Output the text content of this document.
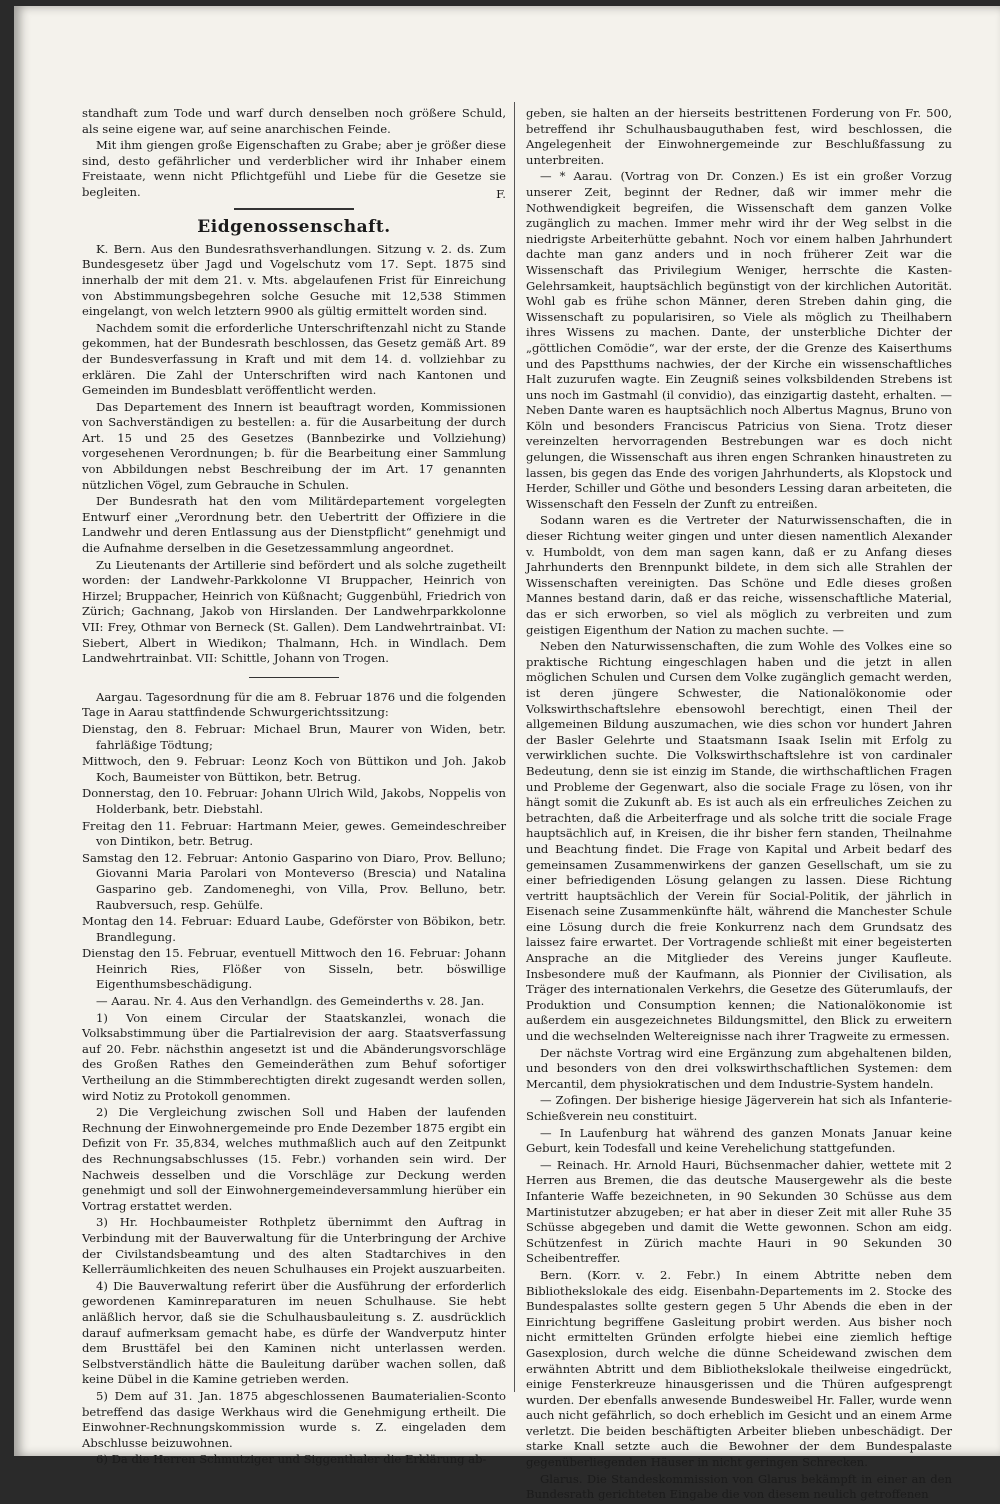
standhaft zum Tode und warf durch denselben noch größere Schuld, als seine eigene war, auf seine anarchischen Feinde.

Mit ihm giengen große Eigenschaften zu Grabe; aber je größer diese sind, desto gefährlicher und verderblicher wird ihr Inhaber einem Freistaate, wenn nicht Pflichtgefühl und Liebe für die Gesetze sie begleiten.	F.

Eidgenossenschaft.

K. Bern. Aus den Bundesrathsverhandlungen. Sitzung v. 2. ds. Zum Bundesgesetz über Jagd und Vogelschutz vom 17. Sept. 1875 sind innerhalb der mit dem 21. v. Mts. abgelaufenen Frist für Einreichung von Abstimmungsbegehren solche Gesuche mit 12,538 Stimmen eingelangt, von welch letztern 9900 als gültig ermittelt worden sind.

Nachdem somit die erforderliche Unterschriftenzahl nicht zu Stande gekommen, hat der Bundesrath beschlossen, das Gesetz gemäß Art. 89 der Bundesverfassung in Kraft und mit dem 14. d. vollziehbar zu erklären. Die Zahl der Unterschriften wird nach Kantonen und Gemeinden im Bundesblatt veröffentlicht werden.

Das Departement des Innern ist beauftragt worden, Kommissionen von Sachverständigen zu bestellen: a. für die Ausarbeitung der durch Art. 15 und 25 des Gesetzes (Bannbezirke und Vollziehung) vorgesehenen Verordnungen; b. für die Bearbeitung einer Sammlung von Abbildungen nebst Beschreibung der im Art. 17 genannten nützlichen Vögel, zum Gebrauche in Schulen.

Der Bundesrath hat den vom Militärdepartement vorgelegten Entwurf einer „Verordnung betr. den Uebertritt der Offiziere in die Landwehr und deren Entlassung aus der Dienstpflicht“ genehmigt und die Aufnahme derselben in die Gesetzessammlung angeordnet.

Zu Lieutenants der Artillerie sind befördert und als solche zugetheilt worden: der Landwehr-Parkkolonne VI Bruppacher, Heinrich von Hirzel; Bruppacher, Heinrich von Küßnacht; Guggenbühl, Friedrich von Zürich; Gachnang, Jakob von Hirslanden. Der Landwehrparkkolonne VII: Frey, Othmar von Berneck (St. Gallen). Dem Landwehrtrainbat. VI: Siebert, Albert in Wiedikon; Thalmann, Hch. in Windlach. Dem Landwehrtrainbat. VII: Schittle, Johann von Trogen.

Aargau. Tagesordnung für die am 8. Februar 1876 und die folgenden Tage in Aarau stattfindende Schwurgerichtssitzung:

Dienstag, den 8. Februar: Michael Brun, Maurer von Widen, betr. fahrläßige Tödtung;

Mittwoch, den 9. Februar: Leonz Koch von Büttikon und Joh. Jakob Koch, Baumeister von Büttikon, betr. Betrug.

Donnerstag, den 10. Februar: Johann Ulrich Wild, Jakobs, Noppelis von Holderbank, betr. Diebstahl.

Freitag den 11. Februar: Hartmann Meier, gewes. Gemeindeschreiber von Dintikon, betr. Betrug.

Samstag den 12. Februar: Antonio Gasparino von Diaro, Prov. Belluno; Giovanni Maria Parolari von Monteverso (Brescia) und Natalina Gasparino geb. Zandomeneghi, von Villa, Prov. Belluno, betr. Raubversuch, resp. Gehülfe.

Montag den 14. Februar: Eduard Laube, Gdeförster von Böbikon, betr. Brandlegung.

Dienstag den 15. Februar, eventuell Mittwoch den 16. Februar: Johann Heinrich Ries, Flößer von Sisseln, betr. böswillige Eigenthumsbeschädigung.

— Aarau. Nr. 4. Aus den Verhandlgn. des Gemeinderths v. 28. Jan.

1) Von einem Circular der Staatskanzlei, wonach die Volksabstimmung über die Partialrevision der aarg. Staatsverfassung auf 20. Febr. nächsthin angesetzt ist und die Abänderungsvorschläge des Großen Rathes den Gemeinderäthen zum Behuf sofortiger Vertheilung an die Stimmberechtigten direkt zugesandt werden sollen, wird Notiz zu Protokoll genommen.

2) Die Vergleichung zwischen Soll und Haben der laufenden Rechnung der Einwohnergemeinde pro Ende Dezember 1875 ergibt ein Defizit von Fr. 35,834, welches muthmaßlich auch auf den Zeitpunkt des Rechnungsabschlusses (15. Febr.) vorhanden sein wird. Der Nachweis desselben und die Vorschläge zur Deckung werden genehmigt und soll der Einwohnergemeindeversammlung hierüber ein Vortrag erstattet werden.

3) Hr. Hochbaumeister Rothpletz übernimmt den Auftrag in Verbindung mit der Bauverwaltung für die Unterbringung der Archive der Civilstandsbeamtung und des alten Stadtarchives in den Kellerräumlichkeiten des neuen Schulhauses ein Projekt auszuarbeiten.

4) Die Bauverwaltung referirt über die Ausführung der erforderlich gewordenen Kaminreparaturen im neuen Schulhause. Sie hebt anläßlich hervor, daß sie die Schulhausbauleitung s. Z. ausdrücklich darauf aufmerksam gemacht habe, es dürfe der Wandverputz hinter dem Brusttäfel bei den Kaminen nicht unterlassen werden. Selbstverständlich hätte die Bauleitung darüber wachen sollen, daß keine Dübel in die Kamine getrieben werden.

5) Dem auf 31. Jan. 1875 abgeschlossenen Baumaterialien-Sconto betreffend das dasige Werkhaus wird die Genehmigung ertheilt. Die Einwohner-Rechnungskommission wurde s. Z. eingeladen dem Abschlusse beizuwohnen.

6) Da die Herren Schmutziger und Siggenthaler die Erklärung ab-

geben, sie halten an der hierseits bestrittenen Forderung von Fr. 500, betreffend ihr Schulhausbauguthaben fest, wird beschlossen, die Angelegenheit der Einwohnergemeinde zur Beschlußfassung zu unterbreiten.

— * Aarau. (Vortrag von Dr. Conzen.) Es ist ein großer Vorzug unserer Zeit, beginnt der Redner, daß wir immer mehr die Nothwendigkeit begreifen, die Wissenschaft dem ganzen Volke zugänglich zu machen. Immer mehr wird ihr der Weg selbst in die niedrigste Arbeiterhütte gebahnt. Noch vor einem halben Jahrhundert dachte man ganz anders und in noch früherer Zeit war die Wissenschaft das Privilegium Weniger, herrschte die Kasten-Gelehrsamkeit, hauptsächlich begünstigt von der kirchlichen Autorität. Wohl gab es frühe schon Männer, deren Streben dahin ging, die Wissenschaft zu popularisiren, so Viele als möglich zu Theilhabern ihres Wissens zu machen. Dante, der unsterbliche Dichter der „göttlichen Comödie“, war der erste, der die Grenze des Kaiserthums und des Papstthums nachwies, der der Kirche ein wissenschaftliches Halt zuzurufen wagte. Ein Zeugniß seines volksbildenden Strebens ist uns noch im Gastmahl (il convidio), das einzigartig dasteht, erhalten. — Neben Dante waren es hauptsächlich noch Albertus Magnus, Bruno von Köln und besonders Franciscus Patricius von Siena. Trotz dieser vereinzelten hervorragenden Bestrebungen war es doch nicht gelungen, die Wissenschaft aus ihren engen Schranken hinaustreten zu lassen, bis gegen das Ende des vorigen Jahrhunderts, als Klopstock und Herder, Schiller und Göthe und besonders Lessing daran arbeiteten, die Wissenschaft den Fesseln der Zunft zu entreißen.

Sodann waren es die Vertreter der Naturwissenschaften, die in dieser Richtung weiter gingen und unter diesen namentlich Alexander v. Humboldt, von dem man sagen kann, daß er zu Anfang dieses Jahrhunderts den Brennpunkt bildete, in dem sich alle Strahlen der Wissenschaften vereinigten. Das Schöne und Edle dieses großen Mannes bestand darin, daß er das reiche, wissenschaftliche Material, das er sich erworben, so viel als möglich zu verbreiten und zum geistigen Eigenthum der Nation zu machen suchte. —

Neben den Naturwissenschaften, die zum Wohle des Volkes eine so praktische Richtung eingeschlagen haben und die jetzt in allen möglichen Schulen und Cursen dem Volke zugänglich gemacht werden, ist deren jüngere Schwester, die Nationalökonomie oder Volkswirthschaftslehre ebensowohl berechtigt, einen Theil der allgemeinen Bildung auszumachen, wie dies schon vor hundert Jahren der Basler Gelehrte und Staatsmann Isaak Iselin mit Erfolg zu verwirklichen suchte. Die Volkswirthschaftslehre ist von cardinaler Bedeutung, denn sie ist einzig im Stande, die wirthschaftlichen Fragen und Probleme der Gegenwart, also die sociale Frage zu lösen, von ihr hängt somit die Zukunft ab. Es ist auch als ein erfreuliches Zeichen zu betrachten, daß die Arbeiterfrage und als solche tritt die sociale Frage hauptsächlich auf, in Kreisen, die ihr bisher fern standen, Theilnahme und Beachtung findet. Die Frage von Kapital und Arbeit bedarf des gemeinsamen Zusammenwirkens der ganzen Gesellschaft, um sie zu einer befriedigenden Lösung gelangen zu lassen. Diese Richtung vertritt hauptsächlich der Verein für Social-Politik, der jährlich in Eisenach seine Zusammenkünfte hält, während die Manchester Schule eine Lösung durch die freie Konkurrenz nach dem Grundsatz des laissez faire erwartet. Der Vortragende schließt mit einer begeisterten Ansprache an die Mitglieder des Vereins junger Kaufleute. Insbesondere muß der Kaufmann, als Pionnier der Civilisation, als Träger des internationalen Verkehrs, die Gesetze des Güterumlaufs, der Produktion und Consumption kennen; die Nationalökonomie ist außerdem ein ausgezeichnetes Bildungsmittel, den Blick zu erweitern und die wechselnden Weltereignisse nach ihrer Tragweite zu ermessen.

Der nächste Vortrag wird eine Ergänzung zum abgehaltenen bilden, und besonders von den drei volkswirthschaftlichen Systemen: dem Mercantil, dem physiokratischen und dem Industrie-System handeln.

— Zofingen. Der bisherige hiesige Jägerverein hat sich als Infanterie-Schießverein neu constituirt.

— In Laufenburg hat während des ganzen Monats Januar keine Geburt, kein Todesfall und keine Verehelichung stattgefunden.

— Reinach. Hr. Arnold Hauri, Büchsenmacher dahier, wettete mit 2 Herren aus Bremen, die das deutsche Mausergewehr als die beste Infanterie Waffe bezeichneten, in 90 Sekunden 30 Schüsse aus dem Martinistutzer abzugeben; er hat aber in dieser Zeit mit aller Ruhe 35 Schüsse abgegeben und damit die Wette gewonnen. Schon am eidg. Schützenfest in Zürich machte Hauri in 90 Sekunden 30 Scheibentreffer.

Bern. (Korr. v. 2. Febr.) In einem Abtritte neben dem Bibliothekslokale des eidg. Eisenbahn-Departements im 2. Stocke des Bundespalastes sollte gestern gegen 5 Uhr Abends die eben in der Einrichtung begriffene Gasleitung probirt werden. Aus bisher noch nicht ermittelten Gründen erfolgte hiebei eine ziemlich heftige Gasexplosion, durch welche die dünne Scheidewand zwischen dem erwähnten Abtritt und dem Bibliothekslokale theilweise eingedrückt, einige Fensterkreuze hinausgerissen und die Thüren aufgesprengt wurden. Der ebenfalls anwesende Bundesweibel Hr. Faller, wurde wenn auch nicht gefährlich, so doch erheblich im Gesicht und an einem Arme verletzt. Die beiden beschäftigten Arbeiter blieben unbeschädigt. Der starke Knall setzte auch die Bewohner der dem Bundespalaste gegenüberliegenden Häuser in nicht geringen Schrecken.

Glarus. Die Standeskommission von Glarus bekämpft in einer an den Bundesrath gerichteten Eingabe die von diesem neulich getroffenen
